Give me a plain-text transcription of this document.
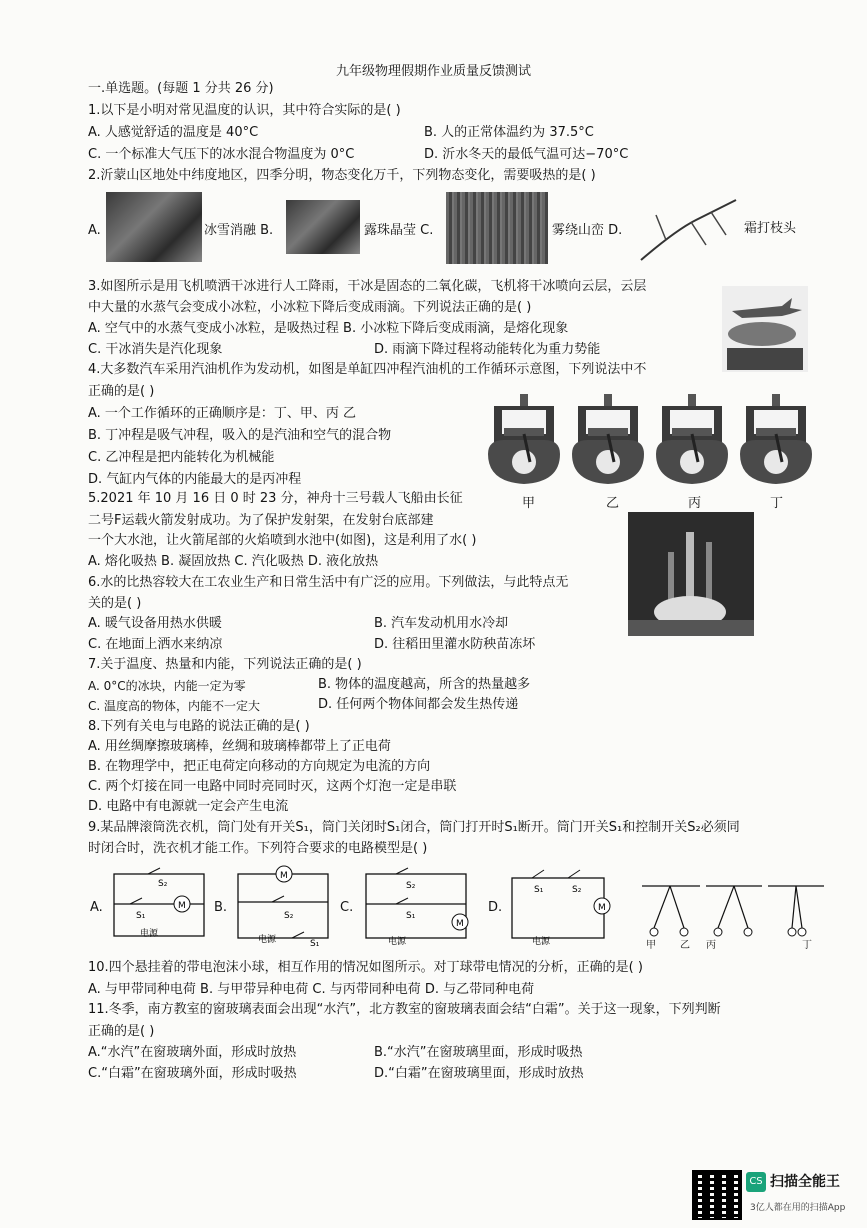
九年级物理假期作业质量反馈测试
一.单选题。(每题 1 分共 26 分)
1.以下是小明对常见温度的认识，其中符合实际的是( )
A. 人感觉舒适的温度是 40°C	B. 人的正常体温约为 37.5°C
C. 一个标准大气压下的冰水混合物温度为 0°C	D. 沂水冬天的最低气温可达−70°C
2.沂蒙山区地处中纬度地区，四季分明，物态变化万千，下列物态变化，需要吸热的是( )
A.	冰雪消融 B.	露珠晶莹 C.	雾绕山峦 D.	霜打枝头
3.如图所示是用飞机喷洒干冰进行人工降雨，干冰是固态的二氧化碳，飞机将干冰喷向云层，云层
中大量的水蒸气会变成小冰粒，小冰粒下降后变成雨滴。下列说法正确的是( )
A. 空气中的水蒸气变成小冰粒，是吸热过程 B. 小冰粒下降后变成雨滴，是熔化现象
C. 干冰消失是汽化现象	D. 雨滴下降过程将动能转化为重力势能
4.大多数汽车采用汽油机作为发动机，如图是单缸四冲程汽油机的工作循环示意图，下列说法中不
正确的是( )
A. 一个工作循环的正确顺序是：丁、甲、丙 乙
B. 丁冲程是吸气冲程，吸入的是汽油和空气的混合物
C. 乙冲程是把内能转化为机械能
D. 气缸内气体的内能最大的是丙冲程
甲	乙	丙	丁
5.2021 年 10 月 16 日 0 时 23 分，神舟十三号载人飞船由长征
二号F运载火箭发射成功。为了保护发射架，在发射台底部建
一个大水池，让火箭尾部的火焰喷到水池中(如图)，这是利用了水( )
A. 熔化吸热 B. 凝固放热 C. 汽化吸热 D. 液化放热
6.水的比热容较大在工农业生产和日常生活中有广泛的应用。下列做法，与此特点无
关的是( )
A. 暖气设备用热水供暖	B. 汽车发动机用水冷却
C. 在地面上洒水来纳凉	D. 往稻田里灌水防秧苗冻坏
7.关于温度、热量和内能，下列说法正确的是( )
A. 0°C的冰块，内能一定为零	B. 物体的温度越高，所含的热量越多
C. 温度高的物体，内能不一定大	D. 任何两个物体间都会发生热传递
8.下列有关电与电路的说法正确的是( )
A. 用丝绸摩擦玻璃棒，丝绸和玻璃棒都带上了正电荷
B. 在物理学中，把正电荷定向移动的方向规定为电流的方向
C. 两个灯接在同一电路中同时亮同时灭，这两个灯泡一定是串联
D. 电路中有电源就一定会产生电流
9.某品牌滚筒洗衣机，筒门处有开关S₁，筒门关闭时S₁闭合，筒门打开时S₁断开。筒门开关S₁和控制开关S₂必须同
时闭合时，洗衣机才能工作。下列符合要求的电路模型是( )
A.	M
S₂
S₁
电源
B.
M
S₂
S₁
电源
C.
M
S₂
S₁
电源
D.	M
S₁	S₂
电源	甲 乙 丙	丁
10.四个悬挂着的带电泡沫小球，相互作用的情况如图所示。对丁球带电情况的分析，正确的是( )
A. 与甲带同种电荷 B. 与甲带异种电荷 C. 与丙带同种电荷 D. 与乙带同种电荷
11.冬季，南方教室的窗玻璃表面会出现“水汽”，北方教室的窗玻璃表面会结“白霜”。关于这一现象，下列判断
正确的是( )
A.“水汽”在窗玻璃外面，形成时放热	B.“水汽”在窗玻璃里面，形成时吸热
C.“白霜”在窗玻璃外面，形成时吸热	D.“白霜”在窗玻璃里面，形成时放热
CS 扫描全能王
3亿人都在用的扫描App
